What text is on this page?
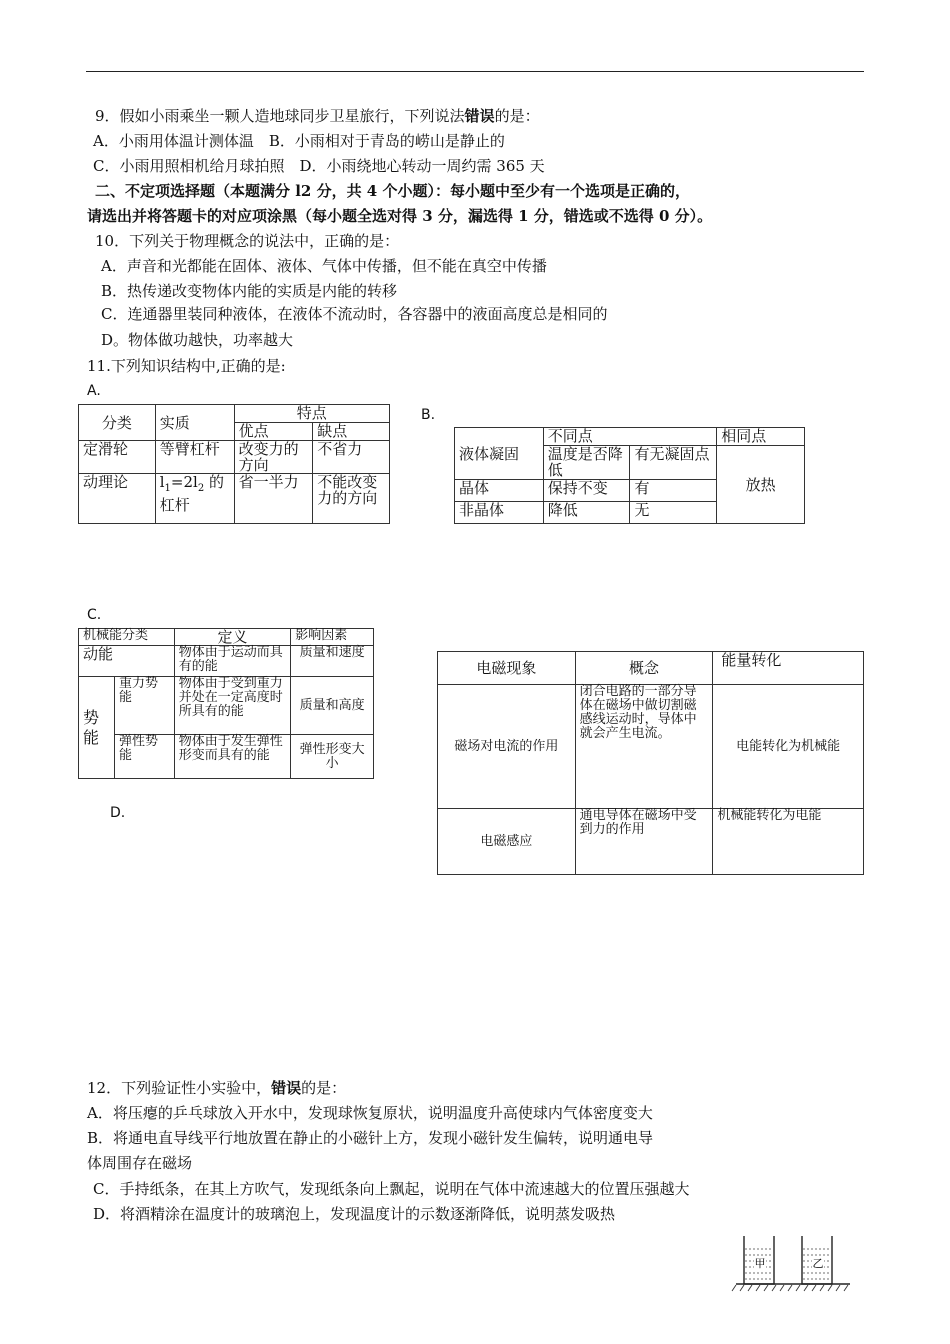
9．假如小雨乘坐一颗人造地球同步卫星旅行，下列说法错误的是：
A．小雨用体温计测体温　B．小雨相对于青岛的崂山是静止的
C．小雨用照相机给月球拍照　D．小雨绕地心转动一周约需 365 天
二、不定项选择题（本题满分 l2 分，共 4 个小题）：每小题中至少有一个选项是正确的，
请选出并将答题卡的对应项涂黑（每小题全选对得 3 分，漏选得 1 分，错选或不选得 0 分）。
10．下列关于物理概念的说法中，正确的是：
A．声音和光都能在固体、液体、气体中传播，但不能在真空中传播
B．热传递改变物体内能的实质是内能的转移
C．连通器里装同种液体，在液体不流动时，各容器中的液面高度总是相同的
D。物体做功越快，功率越大
11.下列知识结构中,正确的是:
A.
B.
C.
D.
分类	实质	特点	
		优点	缺点
定滑轮	等臂杠杆	改变力的方向	不省力
动理论	$l_1=2l_2$ 的杠杆	省一半力	不能改变力的方向
液体凝固	不同点		相同点
	温度是否降低	有无凝固点	放热
晶体	保持不变	有	
非晶体	降低	无	
机械能分类		定义	影响因素
动能		物体由于运动而具有的能	质量和速度
势能	重力势能	物体由于受到重力并处在一定高度时所具有的能	质量和高度
	弹性势能	物体由于发生弹性形变而具有的能	弹性形变大小
电磁现象	概念	能量转化
磁场对电流的作用	闭合电路的一部分导体在磁场中做切割磁感线运动时，导体中就会产生电流。	电能转化为机械能
电磁感应	通电导体在磁场中受到力的作用	机械能转化为电能
12．下列验证性小实验中，错误的是：
A．将压瘪的乒乓球放入开水中，发现球恢复原状，说明温度升高使球内气体密度变大
B．将通电直导线平行地放置在静止的小磁针上方，发现小磁针发生偏转，说明通电导
体周围存在磁场
C．手持纸条，在其上方吹气，发现纸条向上飘起，说明在气体中流速越大的位置压强越大
D．将酒精涂在温度计的玻璃泡上，发现温度计的示数逐渐降低，说明蒸发吸热
甲	乙
